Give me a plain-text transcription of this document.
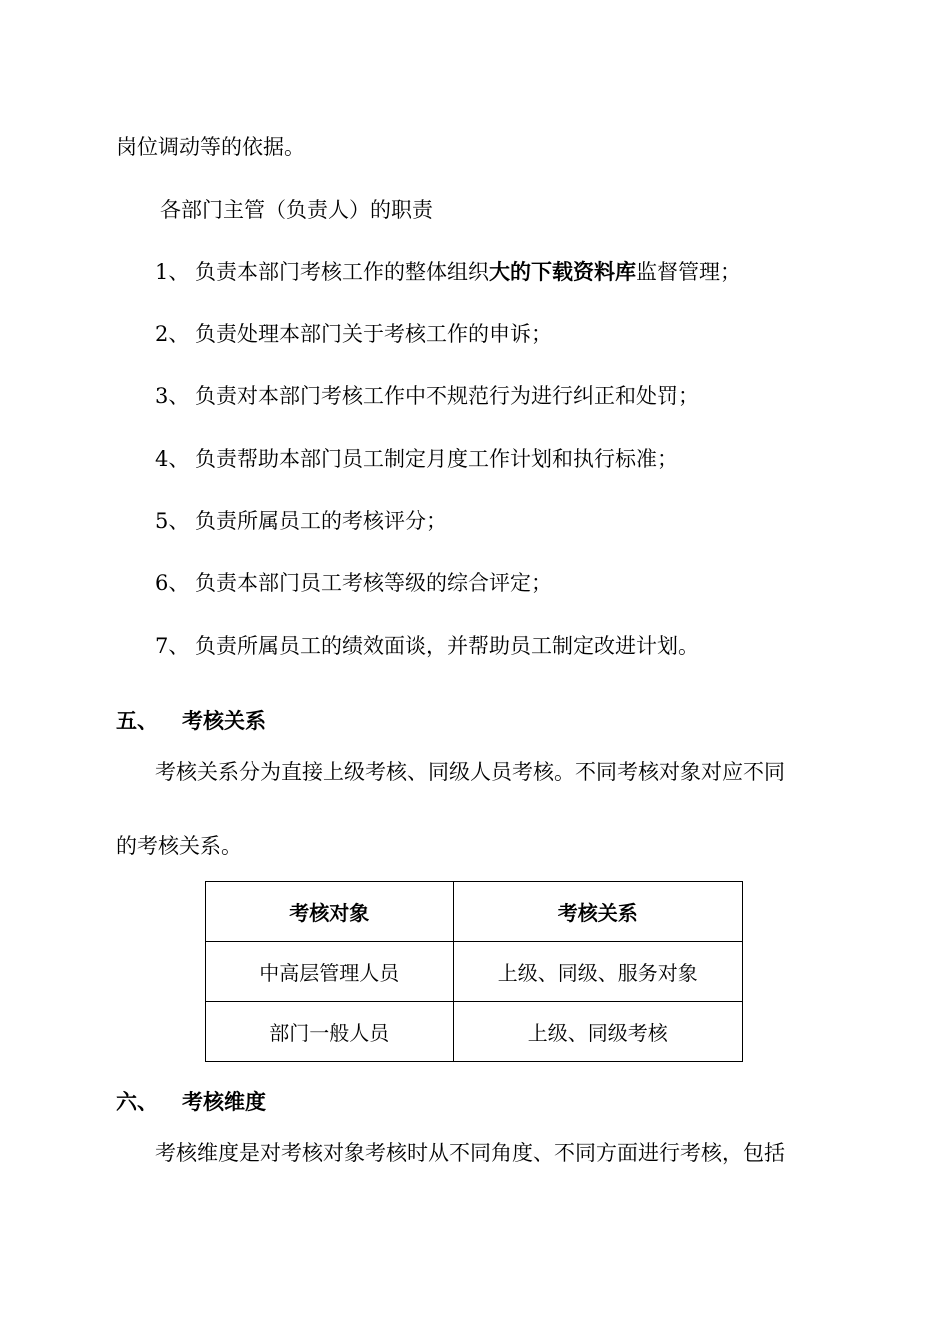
岗位调动等的依据。
各部门主管（负责人）的职责
1、 负责本部门考核工作的整体组织大的下载资料库监督管理；
2、 负责处理本部门关于考核工作的申诉；
3、 负责对本部门考核工作中不规范行为进行纠正和处罚；
4、 负责帮助本部门员工制定月度工作计划和执行标准；
5、 负责所属员工的考核评分；
6、 负责本部门员工考核等级的综合评定；
7、 负责所属员工的绩效面谈，并帮助员工制定改进计划。
五、 考核关系
考核关系分为直接上级考核、同级人员考核。不同考核对象对应不同
的考核关系。
考核对象	考核关系
中高层管理人员	上级、同级、服务对象
部门一般人员	上级、同级考核
六、 考核维度
考核维度是对考核对象考核时从不同角度、不同方面进行考核，包括
